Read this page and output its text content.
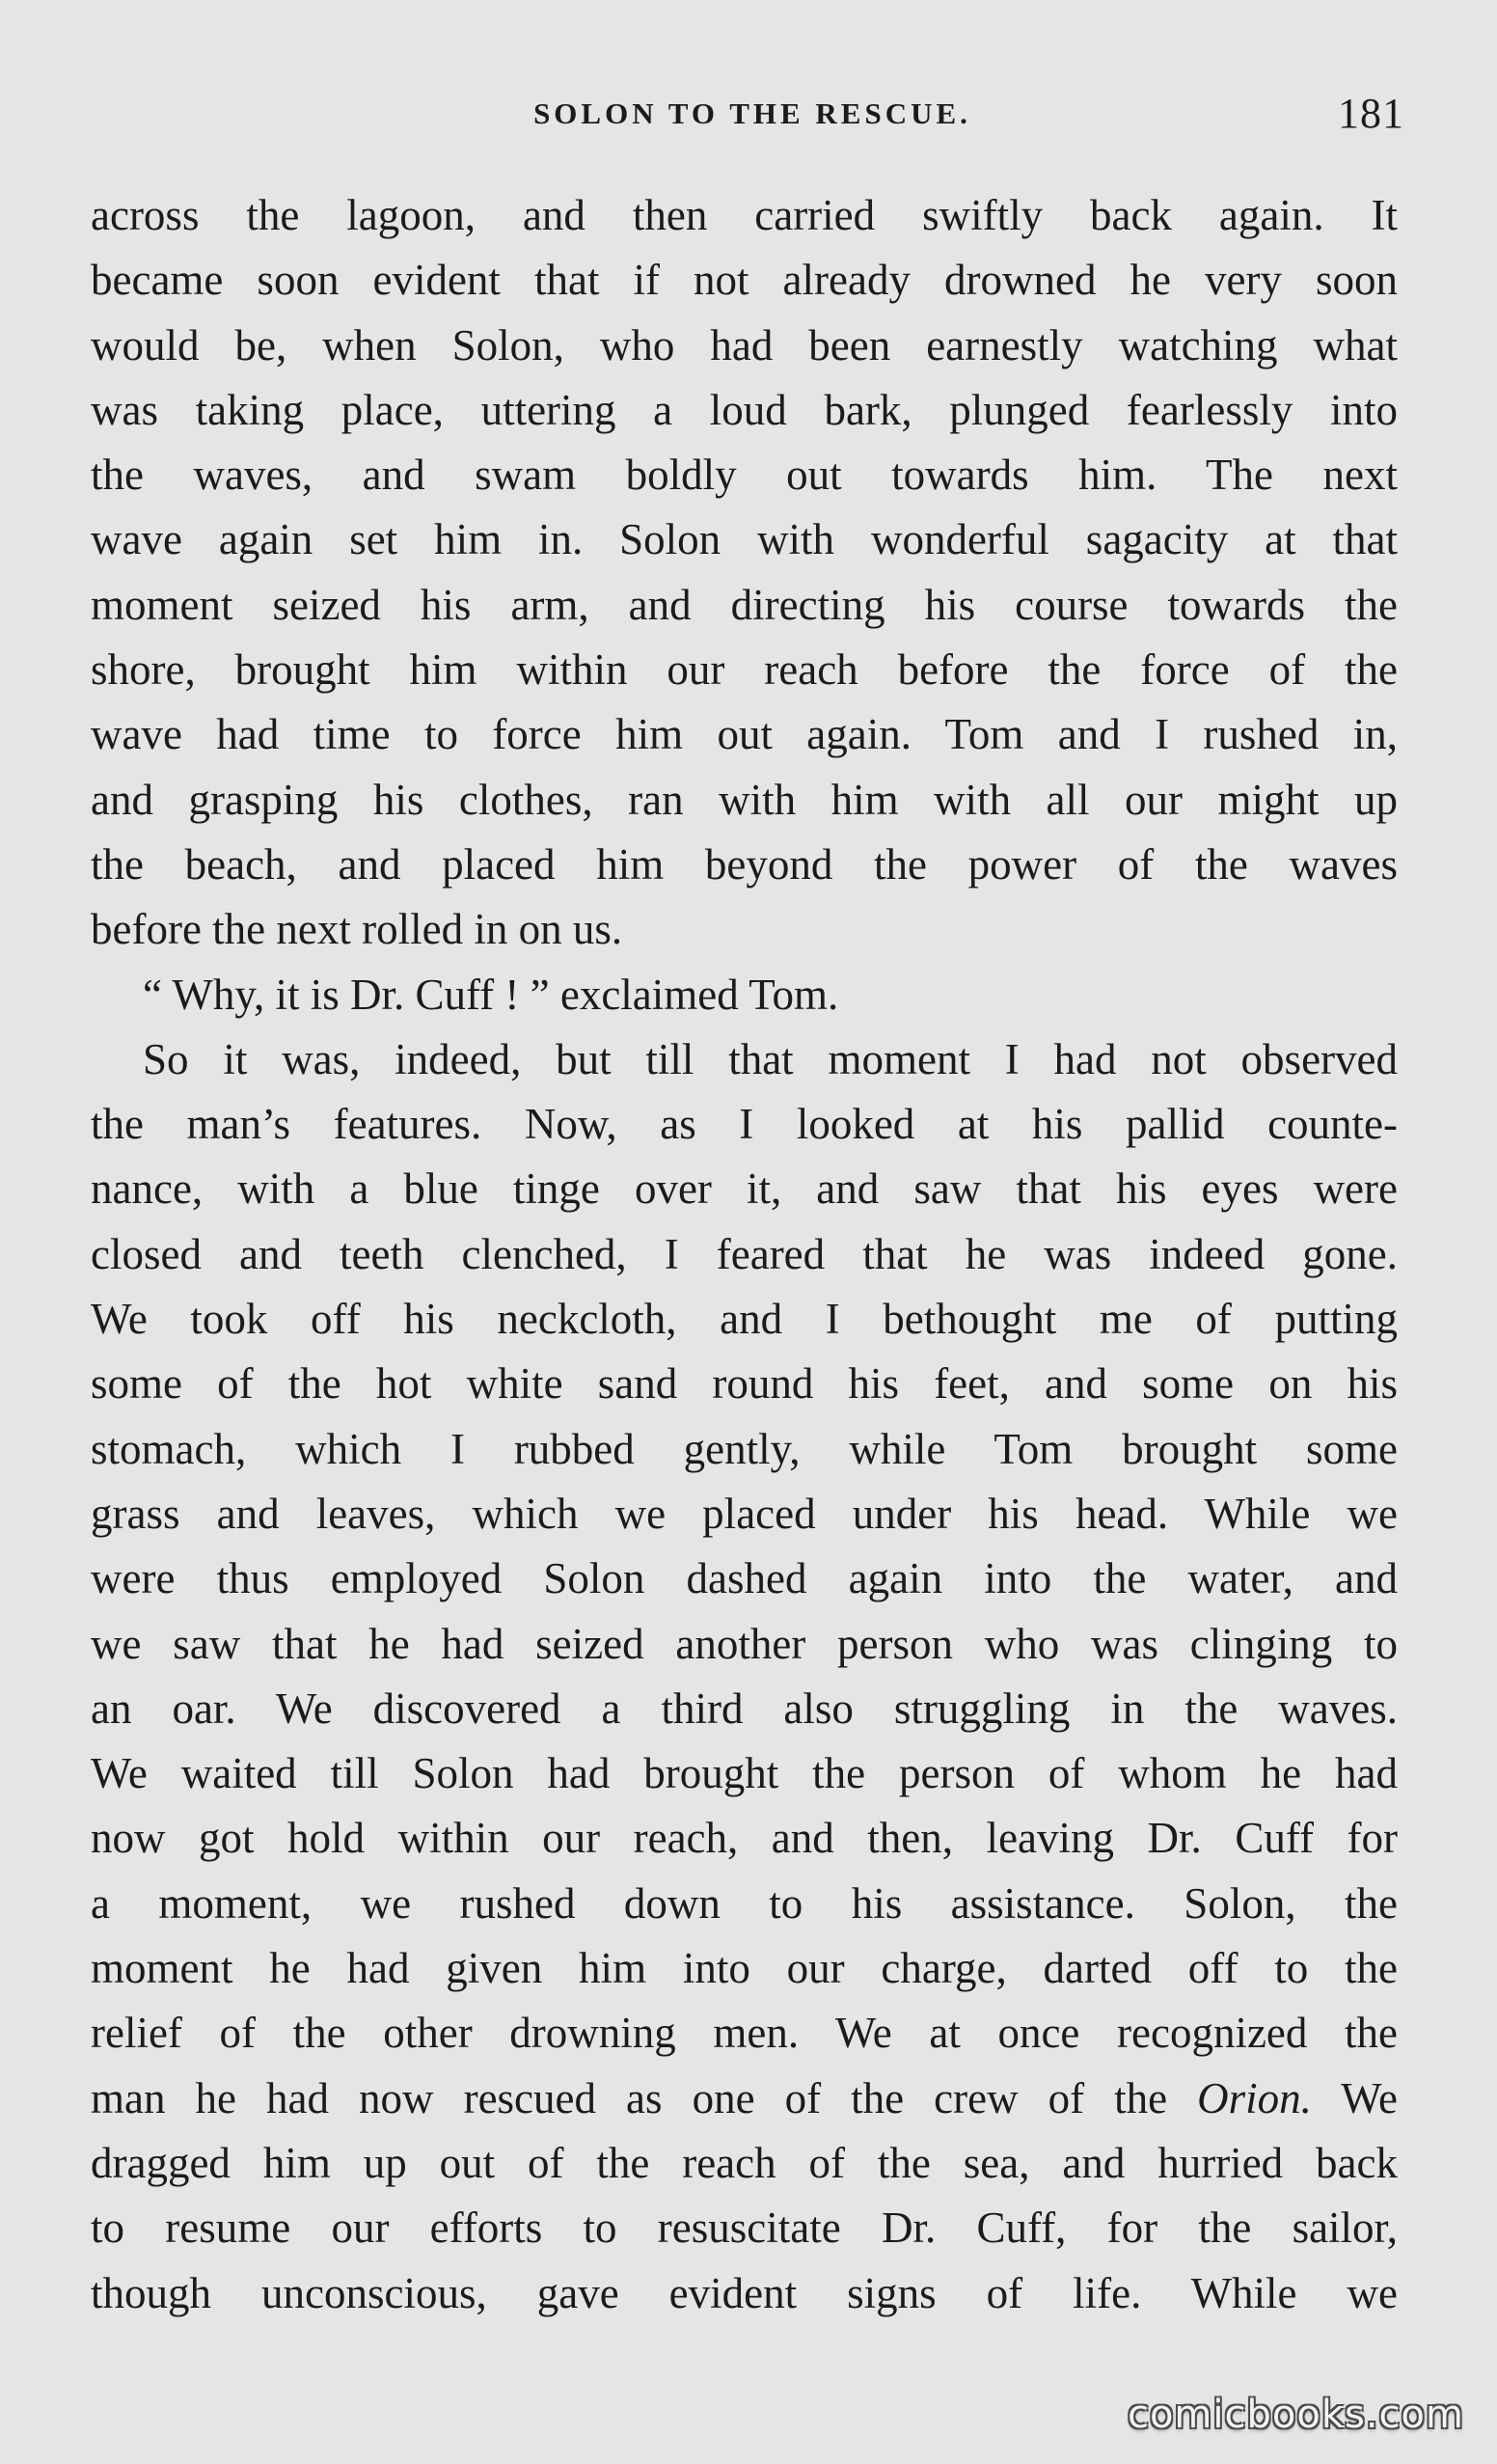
SOLON TO THE RESCUE.	181
across the lagoon, and then carried swiftly back again. It
became soon evident that if not already drowned he very soon
would be, when Solon, who had been earnestly watching what
was taking place, uttering a loud bark, plunged fearlessly into
the waves, and swam boldly out towards him. The next
wave again set him in. Solon with wonderful sagacity at that
moment seized his arm, and directing his course towards the
shore, brought him within our reach before the force of the
wave had time to force him out again. Tom and I rushed in,
and grasping his clothes, ran with him with all our might up
the beach, and placed him beyond the power of the waves
before the next rolled in on us.
“ Why, it is Dr. Cuff ! ” exclaimed Tom.
So it was, indeed, but till that moment I had not observed
the man’s features. Now, as I looked at his pallid counte-
nance, with a blue tinge over it, and saw that his eyes were
closed and teeth clenched, I feared that he was indeed gone.
We took off his neckcloth, and I bethought me of putting
some of the hot white sand round his feet, and some on his
stomach, which I rubbed gently, while Tom brought some
grass and leaves, which we placed under his head. While we
were thus employed Solon dashed again into the water, and
we saw that he had seized another person who was clinging to
an oar. We discovered a third also struggling in the waves.
We waited till Solon had brought the person of whom he had
now got hold within our reach, and then, leaving Dr. Cuff for
a moment, we rushed down to his assistance. Solon, the
moment he had given him into our charge, darted off to the
relief of the other drowning men. We at once recognized the
man he had now rescued as one of the crew of the Orion. We
dragged him up out of the reach of the sea, and hurried back
to resume our efforts to resuscitate Dr. Cuff, for the sailor,
though unconscious, gave evident signs of life. While we
comicbooks.com
